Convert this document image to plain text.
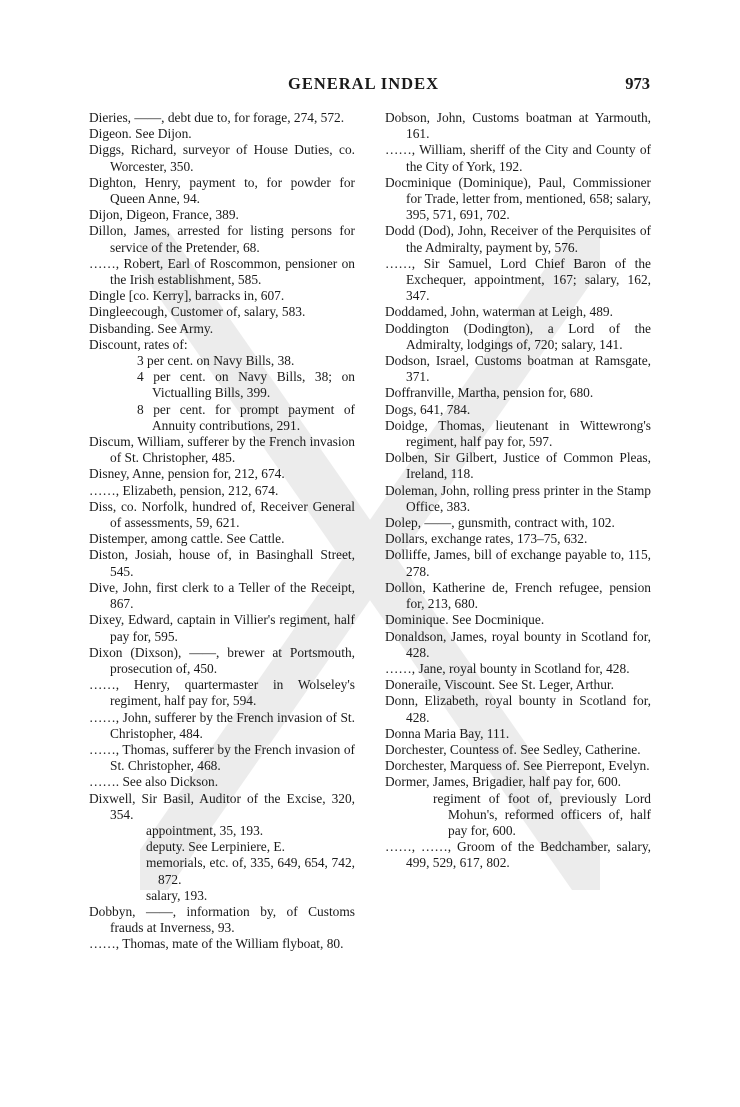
GENERAL INDEX	973
Dieries, ——, debt due to, for forage, 274, 572.
Digeon. See Dijon.
Diggs, Richard, surveyor of House Duties, co. Worcester, 350.
Dighton, Henry, payment to, for powder for Queen Anne, 94.
Dijon, Digeon, France, 389.
Dillon, James, arrested for listing persons for service of the Pretender, 68.
……, Robert, Earl of Roscommon, pensioner on the Irish establishment, 585.
Dingle [co. Kerry], barracks in, 607.
Dingleecough, Customer of, salary, 583.
Disbanding. See Army.
Discount, rates of:
3 per cent. on Navy Bills, 38.
4 per cent. on Navy Bills, 38; on Victualling Bills, 399.
8 per cent. for prompt payment of Annuity contributions, 291.
Discum, William, sufferer by the French invasion of St. Christopher, 485.
Disney, Anne, pension for, 212, 674.
……, Elizabeth, pension, 212, 674.
Diss, co. Norfolk, hundred of, Receiver General of assessments, 59, 621.
Distemper, among cattle. See Cattle.
Diston, Josiah, house of, in Basinghall Street, 545.
Dive, John, first clerk to a Teller of the Receipt, 867.
Dixey, Edward, captain in Villier's regiment, half pay for, 595.
Dixon (Dixson), ——, brewer at Portsmouth, prosecution of, 450.
……, Henry, quartermaster in Wolseley's regiment, half pay for, 594.
……, John, sufferer by the French invasion of St. Christopher, 484.
……, Thomas, sufferer by the French invasion of St. Christopher, 468.
……. See also Dickson.
Dixwell, Sir Basil, Auditor of the Excise, 320, 354.
appointment, 35, 193.
deputy. See Lerpiniere, E.
memorials, etc. of, 335, 649, 654, 742, 872.
salary, 193.
Dobbyn, ——, information by, of Customs frauds at Inverness, 93.
……, Thomas, mate of the William flyboat, 80.
Dobson, John, Customs boatman at Yarmouth, 161.
……, William, sheriff of the City and County of the City of York, 192.
Docminique (Dominique), Paul, Commissioner for Trade, letter from, mentioned, 658; salary, 395, 571, 691, 702.
Dodd (Dod), John, Receiver of the Perquisites of the Admiralty, payment by, 576.
……, Sir Samuel, Lord Chief Baron of the Exchequer, appointment, 167; salary, 162, 347.
Doddamed, John, waterman at Leigh, 489.
Doddington (Dodington), a Lord of the Admiralty, lodgings of, 720; salary, 141.
Dodson, Israel, Customs boatman at Ramsgate, 371.
Doffranville, Martha, pension for, 680.
Dogs, 641, 784.
Doidge, Thomas, lieutenant in Wittewrong's regiment, half pay for, 597.
Dolben, Sir Gilbert, Justice of Common Pleas, Ireland, 118.
Doleman, John, rolling press printer in the Stamp Office, 383.
Dolep, ——, gunsmith, contract with, 102.
Dollars, exchange rates, 173–75, 632.
Dolliffe, James, bill of exchange payable to, 115, 278.
Dollon, Katherine de, French refugee, pension for, 213, 680.
Dominique. See Docminique.
Donaldson, James, royal bounty in Scotland for, 428.
……, Jane, royal bounty in Scotland for, 428.
Doneraile, Viscount. See St. Leger, Arthur.
Donn, Elizabeth, royal bounty in Scotland for, 428.
Donna Maria Bay, 111.
Dorchester, Countess of. See Sedley, Catherine.
Dorchester, Marquess of. See Pierrepont, Evelyn.
Dormer, James, Brigadier, half pay for, 600.
regiment of foot of, previously Lord Mohun's, reformed officers of, half pay for, 600.
……, ……, Groom of the Bedchamber, salary, 499, 529, 617, 802.
